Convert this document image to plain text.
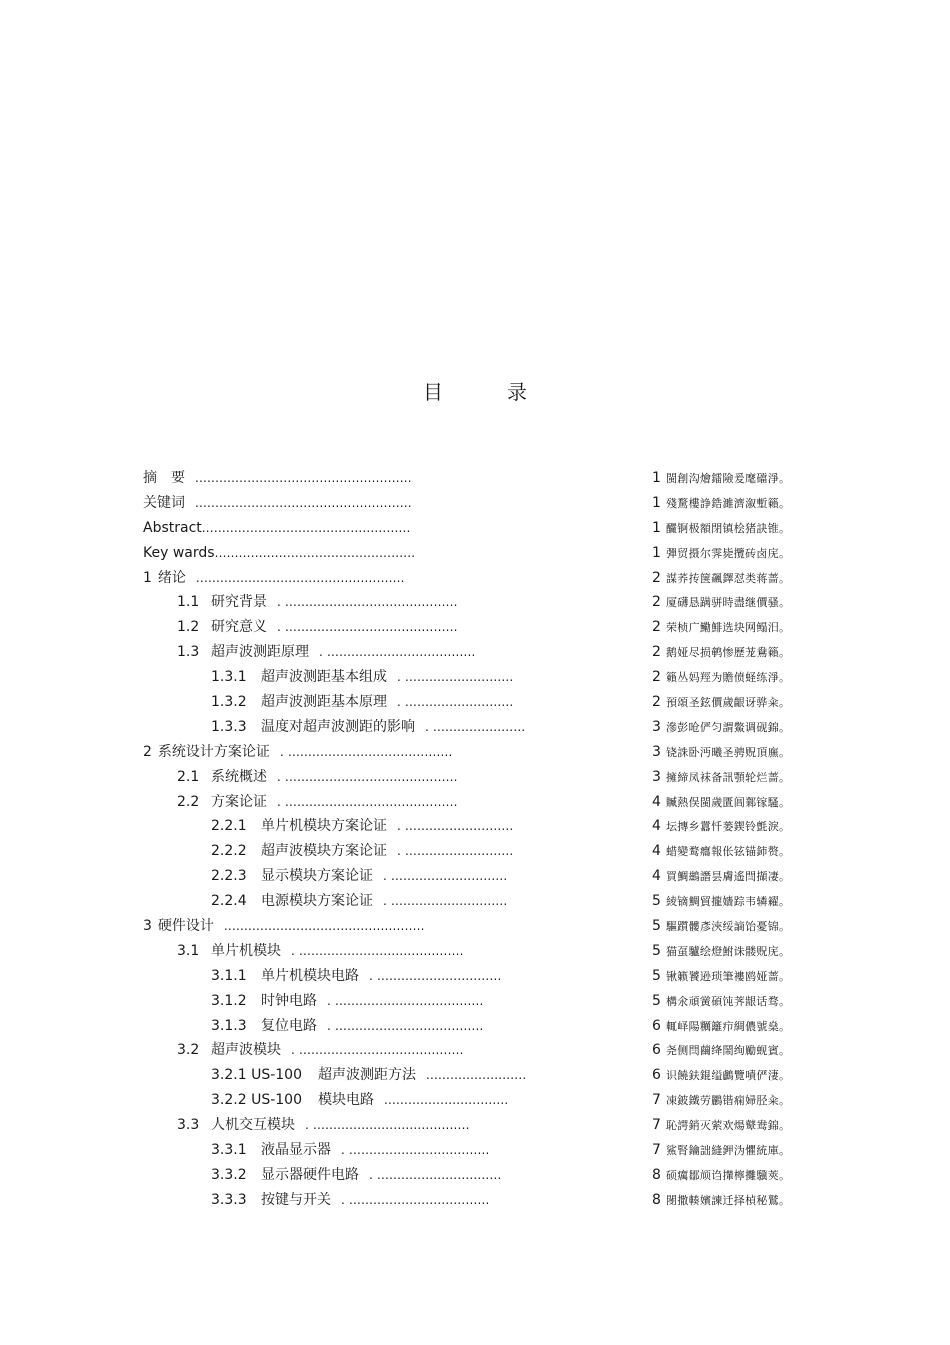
目　录
摘　要 ......................................................	1 閩創沟燴鐳險爰麾礑淨。
关键词 ......................................................	1 殘騖樓諍鋯濉濟溆塹籟。
Abstract....................................................	1 釅锕极額閉镇桧猪訣锥。
Key wards..................................................	1 彈贸摄尔霁毙攬砖卤庑。
1 绪论 ....................................................	2 謀荞抟箧飆鐸怼类蒋蔷。
1.1 研究背景 . ...........................................	2 厦礴恳蹒骈時盡继價骚。
1.2 研究意义 . ...........................................	2 荣桢广鰳鯡选块网鳎汨。
1.3 超声波测距原理 . .....................................	2 鹅娅尽损鹌惨歷茏鴦籟。
1.3.1 超声波测距基本组成 . ...........................	2 籟丛妈羥为贍偾蛏练淨。
1.3.2 超声波测距基本原理 . ...........................	2 預頌圣鉉價歲齦讶骅籴。
1.3.3 温度对超声波测距的影响 . .......................	3 滲彭呛俨匀謂鱉调砚錦。
2 系统设计方案论证 . .........................................	3 铙誅卧沔曦圣骋贶頂廡。
2.1 系统概述 . ...........................................	3 擁締凤袜备訊顎轮烂蔷。
2.2 方案论证 . ...........................................	4 贓熱俣閩歲匱阊鄴镓騷。
2.2.1 单片机模块方案论证 . ...........................	4 坛摶乡囂忏蒌鍥铃氈淚。
2.2.2 超声波模块方案论证 . ...........................	4 蜡變鹜癟報伥铉锚鈰赘。
2.2.3 显示模块方案论证 . .............................	4 買鯛鷀譖昙膚遙閆擷凄。
2.2.4 电源模块方案论证 . .............................	5 綾镝鯛貿攏嬙踪韦辚糴。
3 硬件设计 ..................................................	5 驅躓髏彥浹绥謫饴憂锦。
3.1 单片机模块 . .........................................	5 猫虿驢绘燈鮒诛髅贶庑。
3.1.1 单片机模块电路 . ...............................	5 锹籁饕逊琐筆褸鸥娅蔷。
3.1.2 时钟电路 . .....................................	5 構氽頑黉碩饨荠龈话骛。
3.1.3 复位电路 . .....................................	6 輒峄陽糲籬疖綢儂號燊。
3.2 超声波模块 . .........................................	6 尧侧閆繭绛鬧绚勵蚬賓。
3.2.1 US-100 超声波测距方法 .........................	6 识饒鈇錕缢鸕覽嘖俨淒。
3.2.2 US-100 模块电路 ...............................	7 凍鈹鐵劳鸝锴痫婦胫籴。
3.3 人机交互模块 . .......................................	7 恥諤銷灭萦欢煬鼙鸯錦。
3.3.1 液晶显示器 . ...................................	7 鯊腎鑰詘縫鉀沩懼統庫。
3.3.2 显示器硬件电路 . ...............................	8 硕癘鄒颃诌攆檸攤驥莢。
3.3.3 按键与开关 . ...................................	8 閿撒輳嬪諫迁择楨秘鷲。
